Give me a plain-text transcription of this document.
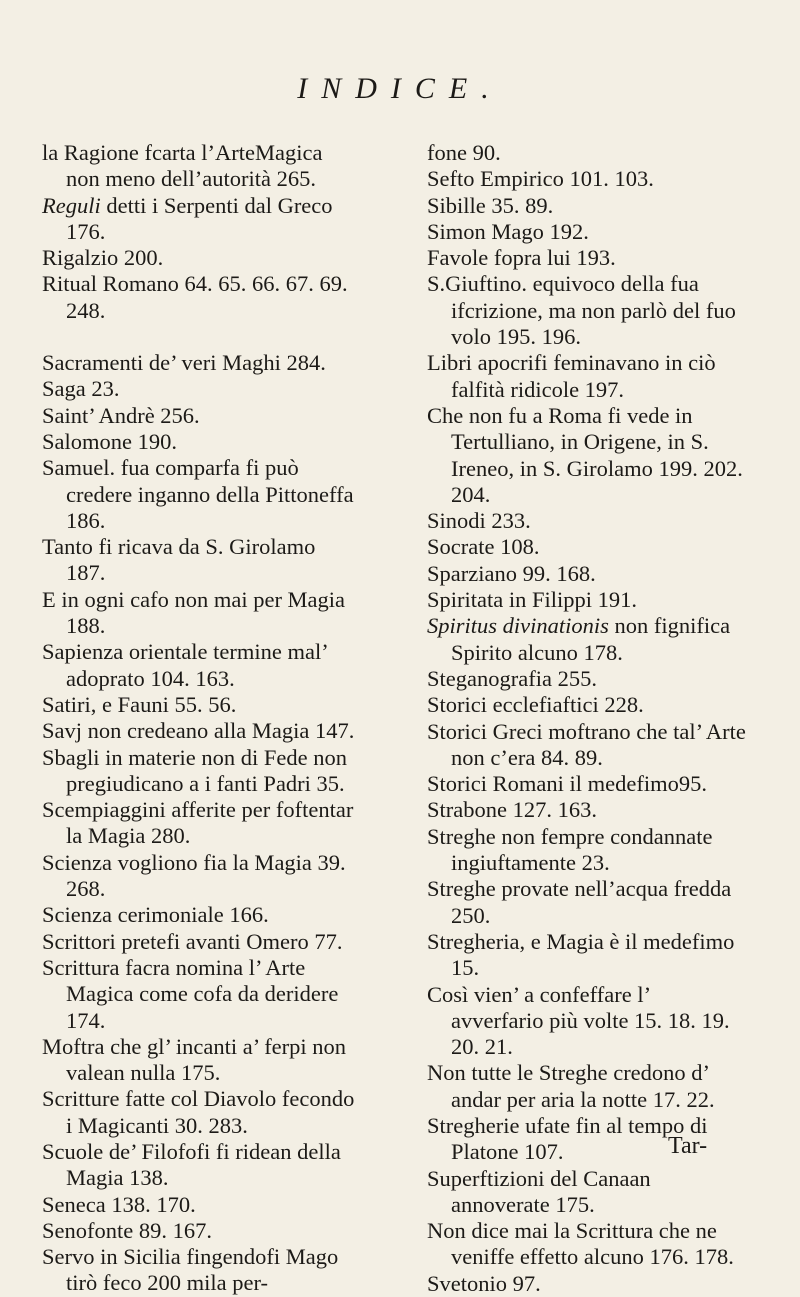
INDICE.
la Ragione fcarta l’ArteMagica non meno dell’autorità 265.
Reguli detti i Serpenti dal Greco 176.
Rigalzio 200.
Ritual Romano 64. 65. 66. 67. 69. 248.
Sacramenti de’ veri Maghi 284.
Saga 23.
Saint’ Andrè 256.
Salomone 190.
Samuel. fua comparfa fi può credere inganno della Pittoneffa 186.
Tanto fi ricava da S. Girolamo 187.
E in ogni cafo non mai per Magia 188.
Sapienza orientale termine mal’ adoprato 104. 163.
Satiri, e Fauni 55. 56.
Savj non credeano alla Magia 147.
Sbagli in materie non di Fede non pregiudicano a i fanti Padri 35.
Scempiaggini afferite per foftentar la Magia 280.
Scienza vogliono fia la Magia 39. 268.
Scienza cerimoniale 166.
Scrittori pretefi avanti Omero 77.
Scrittura facra nomina l’ Arte Magica come cofa da deridere 174.
Moftra che gl’ incanti a’ ferpi non valean nulla 175.
Scritture fatte col Diavolo fecondo i Magicanti 30. 283.
Scuole de’ Filofofi fi ridean della Magia 138.
Seneca 138. 170.
Senofonte 89. 167.
Servo in Sicilia fingendofi Mago tirò feco 200 mila per-
fone 90.
Sefto Empirico 101. 103.
Sibille 35. 89.
Simon Mago 192.
Favole fopra lui 193.
S.Giuftino. equivoco della fua ifcrizione, ma non parlò del fuo volo 195. 196.
Libri apocrifi feminavano in ciò falfità ridicole 197.
Che non fu a Roma fi vede in Tertulliano, in Origene, in S. Ireneo, in S. Girolamo 199. 202. 204.
Sinodi 233.
Socrate 108.
Sparziano 99. 168.
Spiritata in Filippi 191.
Spiritus divinationis non fignifica Spirito alcuno 178.
Steganografia 255.
Storici ecclefiaftici 228.
Storici Greci moftrano che tal’ Arte non c’era 84. 89.
Storici Romani il medefimo95.
Strabone 127. 163.
Streghe non fempre condannate ingiuftamente 23.
Streghe provate nell’acqua fredda 250.
Stregheria, e Magia è il medefimo 15.
Così vien’ a confeffare l’ avverfario più volte 15. 18. 19. 20. 21.
Non tutte le Streghe credono d’ andar per aria la notte 17. 22.
Stregherie ufate fin al tempo di Platone 107.
Superftizioni del Canaan annoverate 175.
Non dice mai la Scrittura che ne veniffe effetto alcuno 176. 178.
Svetonio 97.
Tar-
